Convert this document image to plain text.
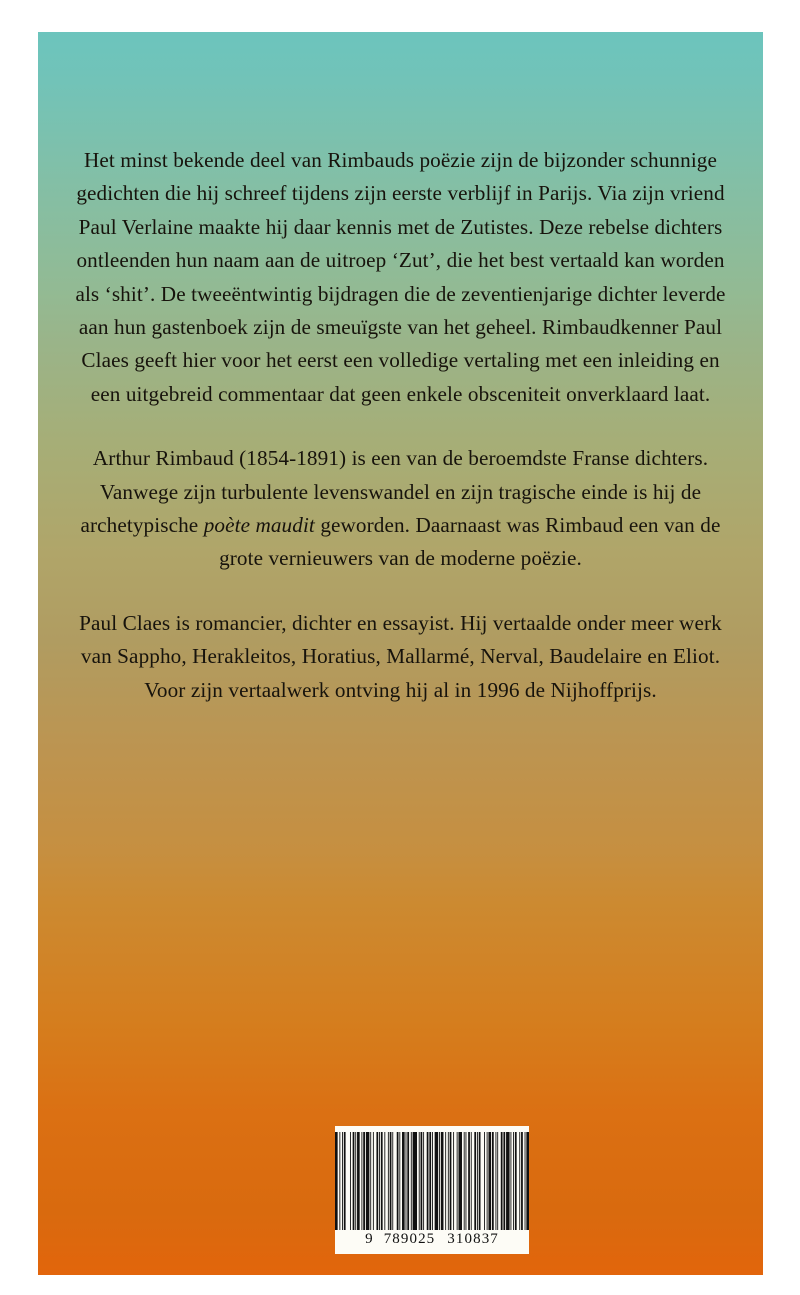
Het minst bekende deel van Rimbauds poëzie zijn de bijzonder schunnige gedichten die hij schreef tijdens zijn eerste verblijf in Parijs. Via zijn vriend Paul Verlaine maakte hij daar kennis met de Zutistes. Deze rebelse dichters ontleenden hun naam aan de uitroep ‘Zut’, die het best vertaald kan worden als ‘shit’. De tweeëntwintig bijdragen die de zeventienjarige dichter leverde aan hun gastenboek zijn de smeuïgste van het geheel. Rimbaudkenner Paul Claes geeft hier voor het eerst een volledige vertaling met een inleiding en een uitgebreid commentaar dat geen enkele obsceniteit onverklaard laat.

Arthur Rimbaud (1854-1891) is een van de beroemdste Franse dichters. Vanwege zijn turbulente levenswandel en zijn tragische einde is hij de archetypische poète maudit geworden. Daarnaast was Rimbaud een van de grote vernieuwers van de moderne poëzie.

Paul Claes is romancier, dichter en essayist. Hij vertaalde onder meer werk van Sappho, Herakleitos, Horatius, Mallarmé, Nerval, Baudelaire en Eliot. Voor zijn vertaalwerk ontving hij al in 1996 de Nijhoffprijs.

9 789025 310837
